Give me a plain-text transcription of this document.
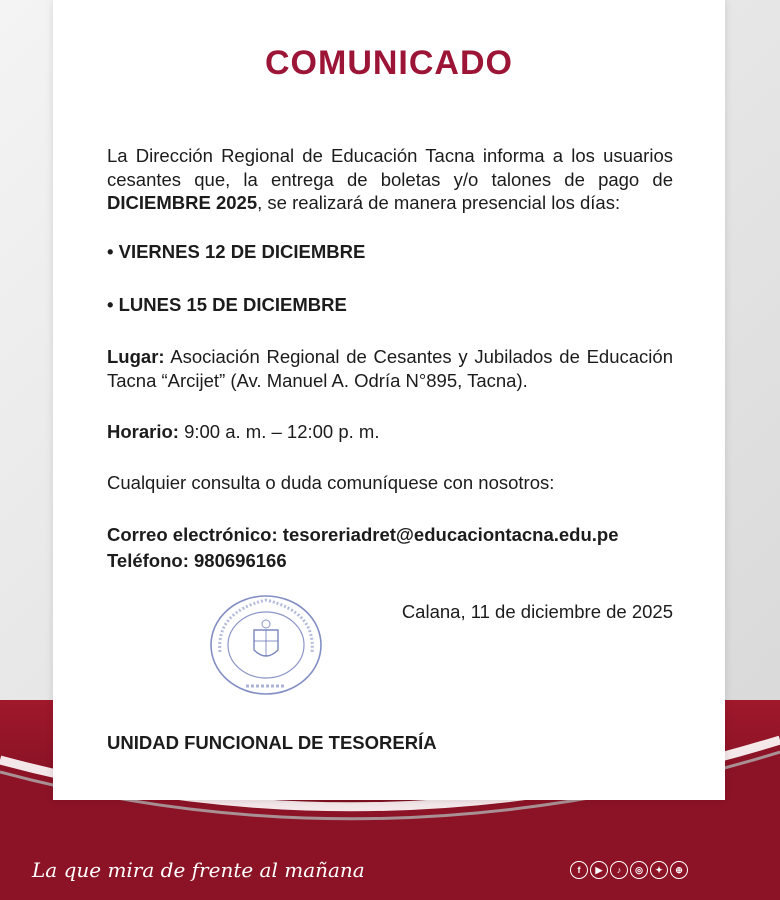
COMUNICADO
La Dirección Regional de Educación Tacna informa a los usuarios cesantes que, la entrega de boletas y/o talones de pago de DICIEMBRE 2025, se realizará de manera presencial los días:
• VIERNES 12 DE DICIEMBRE
• LUNES 15 DE DICIEMBRE
Lugar: Asociación Regional de Cesantes y Jubilados de Educación Tacna “Arcijet” (Av. Manuel A. Odría N°895, Tacna).
Horario: 9:00 a. m. – 12:00 p. m.
Cualquier consulta o duda comuníquese con nosotros:
Correo electrónico: tesoreriadret@educaciontacna.edu.pe
Teléfono: 980696166
Calana, 11 de diciembre de 2025
UNIDAD FUNCIONAL DE TESORERÍA
La que mira de frente al mañana	f	▶	♪	◎	✦	⊕
